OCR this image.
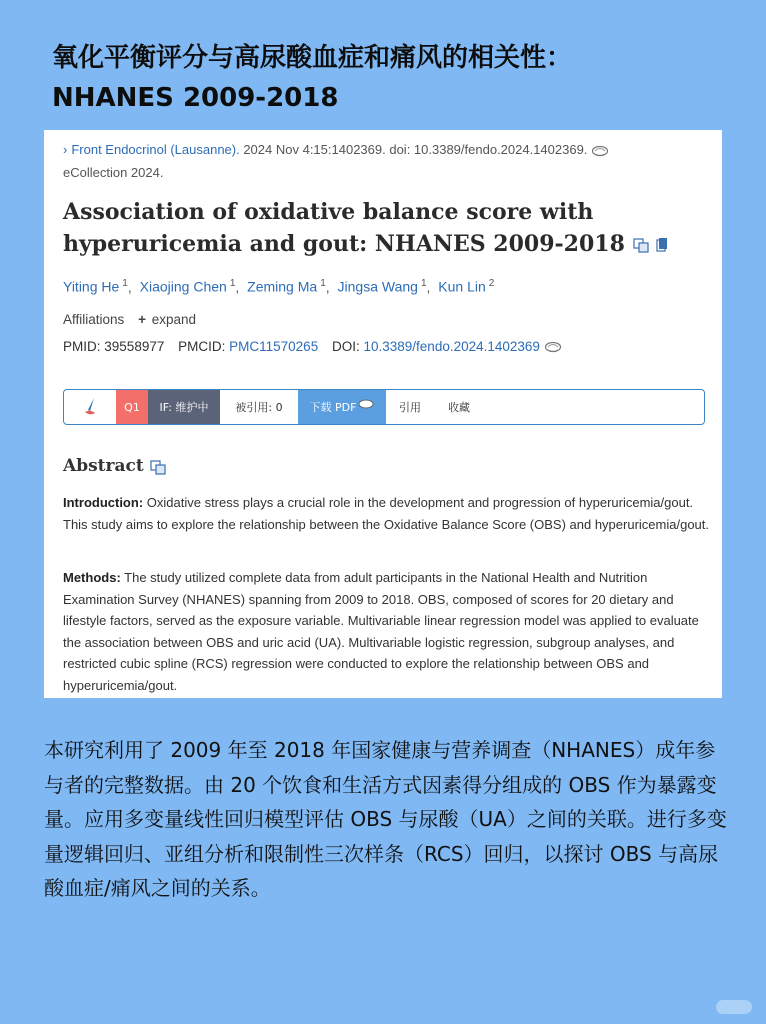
氧化平衡评分与高尿酸血症和痛风的相关性：
NHANES 2009-2018
› Front Endocrinol (Lausanne). 2024 Nov 4:15:1402369. doi: 10.3389/fendo.2024.1402369.
eCollection 2024.
Association of oxidative balance score with
hyperuricemia and gout: NHANES 2009-2018
Yiting He $^1$, Xiaojing Chen $^1$, Zeming Ma $^1$, Jingsa Wang $^1$, Kun Lin $^2$
Affiliations + expand
PMID: 39558977 PMCID: PMC11570265 DOI: 10.3389/fendo.2024.1402369
Q1	IF: 维护中	被引用: 0	下载 PDF	引用	收藏
Abstract
Introduction: Oxidative stress plays a crucial role in the development and progression of hyperuricemia/gout. This study aims to explore the relationship between the Oxidative Balance Score (OBS) and hyperuricemia/gout.
Methods: The study utilized complete data from adult participants in the National Health and Nutrition Examination Survey (NHANES) spanning from 2009 to 2018. OBS, composed of scores for 20 dietary and lifestyle factors, served as the exposure variable. Multivariable linear regression model was applied to evaluate the association between OBS and uric acid (UA). Multivariable logistic regression, subgroup analyses, and restricted cubic spline (RCS) regression were conducted to explore the relationship between OBS and hyperuricemia/gout.
本研究利用了 2009 年至 2018 年国家健康与营养调查（NHANES）成年参与者的完整数据。由 20 个饮食和生活方式因素得分组成的 OBS 作为暴露变量。应用多变量线性回归模型评估 OBS 与尿酸（UA）之间的关联。进行多变量逻辑回归、亚组分析和限制性三次样条（RCS）回归，以探讨 OBS 与高尿酸血症/痛风之间的关系。
